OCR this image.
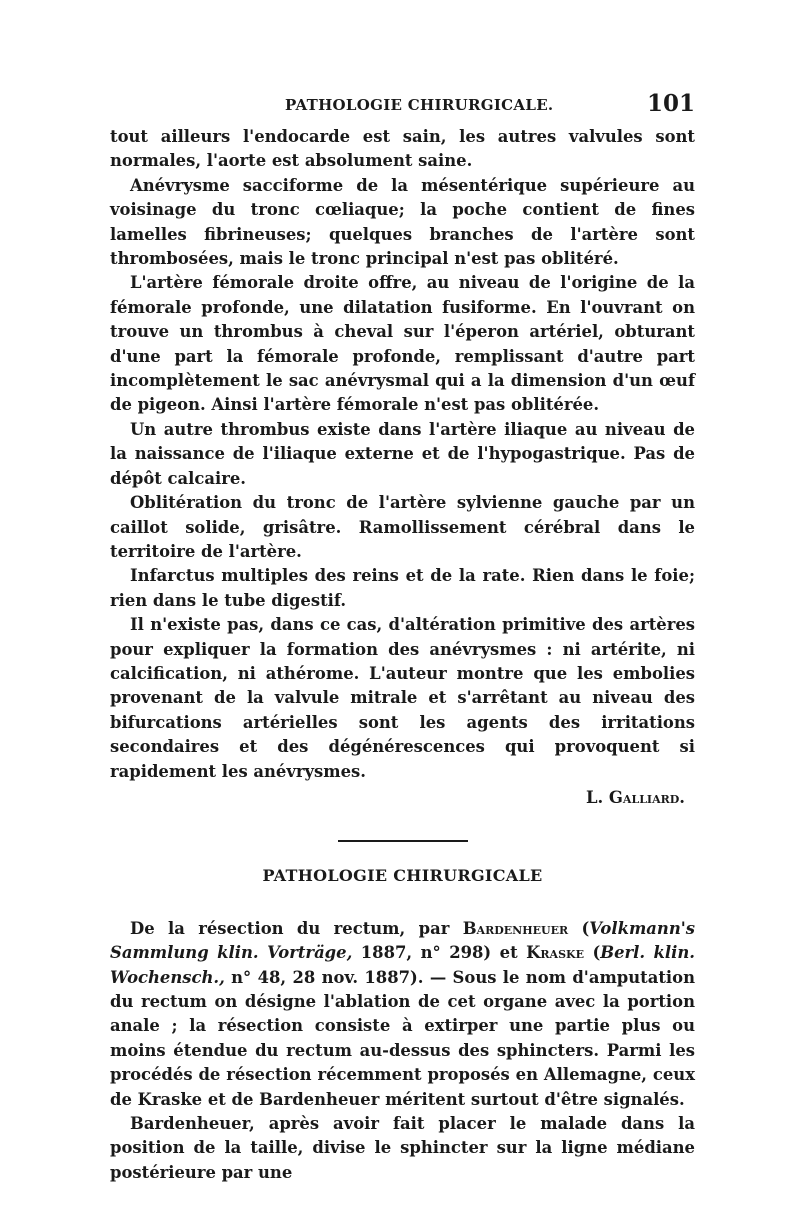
PATHOLOGIE CHIRURGICALE.	101

tout ailleurs l'endocarde est sain, les autres valvules sont normales, l'aorte est absolument saine.

Anévrysme sacciforme de la mésentérique supérieure au voisinage du tronc cœliaque; la poche contient de fines lamelles fibrineuses; quelques branches de l'artère sont thrombosées, mais le tronc principal n'est pas oblitéré.

L'artère fémorale droite offre, au niveau de l'origine de la fémorale profonde, une dilatation fusiforme. En l'ouvrant on trouve un thrombus à cheval sur l'éperon artériel, obturant d'une part la fémorale profonde, remplissant d'autre part incomplètement le sac anévrysmal qui a la dimension d'un œuf de pigeon. Ainsi l'artère fémorale n'est pas oblitérée.

Un autre thrombus existe dans l'artère iliaque au niveau de la naissance de l'iliaque externe et de l'hypogastrique. Pas de dépôt calcaire.

Oblitération du tronc de l'artère sylvienne gauche par un caillot solide, grisâtre. Ramollissement cérébral dans le territoire de l'artère.

Infarctus multiples des reins et de la rate. Rien dans le foie; rien dans le tube digestif.

Il n'existe pas, dans ce cas, d'altération primitive des artères pour expliquer la formation des anévrysmes : ni artérite, ni calcification, ni athérome. L'auteur montre que les embolies provenant de la valvule mitrale et s'arrêtant au niveau des bifurcations artérielles sont les agents des irritations secondaires et des dégénérescences qui provoquent si rapidement les anévrysmes.

L. Galliard.
PATHOLOGIE CHIRURGICALE

De la résection du rectum, par Bardenheuer (Volkmann's Sammlung klin. Vorträge, 1887, n° 298) et Kraske (Berl. klin. Wochensch., n° 48, 28 nov. 1887). — Sous le nom d'amputation du rectum on désigne l'ablation de cet organe avec la portion anale ; la résection consiste à extirper une partie plus ou moins étendue du rectum au-dessus des sphincters. Parmi les procédés de résection récemment proposés en Allemagne, ceux de Kraske et de Bardenheuer méritent surtout d'être signalés.

Bardenheuer, après avoir fait placer le malade dans la position de la taille, divise le sphincter sur la ligne médiane postérieure par une
